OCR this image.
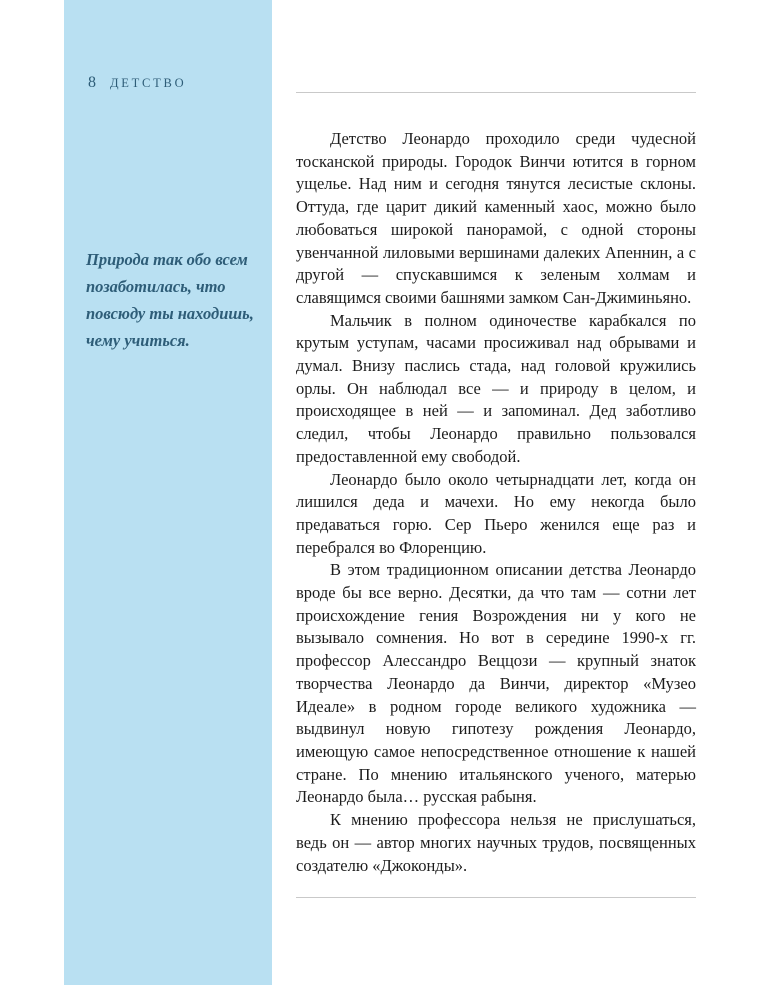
8 ДЕТСТВО
Природа так обо всем позаботилась, что повсюду ты находишь, чему учиться.

Детство Леонардо проходило среди чудесной тосканской природы. Городок Винчи ютится в горном ущелье. Над ним и сегодня тянутся лесистые склоны. Оттуда, где царит дикий каменный хаос, можно было любоваться широкой панорамой, с одной стороны увенчанной лиловыми вершинами далеких Апеннин, а с другой — спускавшимся к зеленым холмам и славящимся своими башнями замком Сан-Джиминьяно.

Мальчик в полном одиночестве карабкался по крутым уступам, часами просиживал над обрывами и думал. Внизу паслись стада, над головой кружились орлы. Он наблюдал все — и природу в целом, и происходящее в ней — и запоминал. Дед заботливо следил, чтобы Леонардо правильно пользовался предоставленной ему свободой.

Леонардо было около четырнадцати лет, когда он лишился деда и мачехи. Но ему некогда было предаваться горю. Сер Пьеро женился еще раз и перебрался во Флоренцию.

В этом традиционном описании детства Леонардо вроде бы все верно. Десятки, да что там — сотни лет происхождение гения Возрождения ни у кого не вызывало сомнения. Но вот в середине 1990-х гг. профессор Алессандро Веццози — крупный знаток творчества Леонардо да Винчи, директор «Музео Идеале» в родном городе великого художника — выдвинул новую гипотезу рождения Леонардо, имеющую самое непосредственное отношение к нашей стране. По мнению итальянского ученого, матерью Леонардо была… русская рабыня.

К мнению профессора нельзя не прислушаться, ведь он — автор многих научных трудов, посвященных создателю «Джоконды».
